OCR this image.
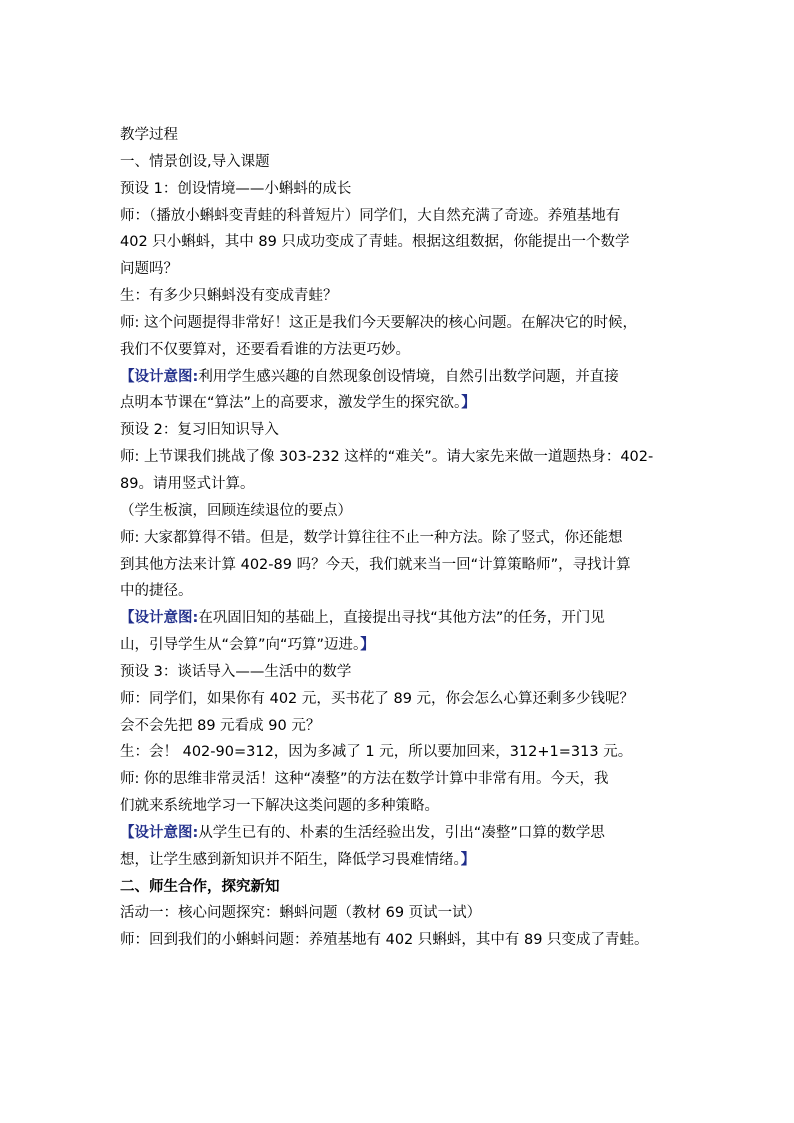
教学过程
一、情景创设,导入课题
预设 1：创设情境——小蝌蚪的成长
师：（播放小蝌蚪变青蛙的科普短片）同学们，大自然充满了奇迹。养殖基地有
402 只小蝌蚪，其中 89 只成功变成了青蛙。根据这组数据，你能提出一个数学
问题吗？
生：有多少只蝌蚪没有变成青蛙？
师: 这个问题提得非常好！这正是我们今天要解决的核心问题。在解决它的时候，
我们不仅要算对，还要看看谁的方法更巧妙。
【设计意图:利用学生感兴趣的自然现象创设情境，自然引出数学问题，并直接
点明本节课在“算法”上的高要求，激发学生的探究欲。】
预设 2：复习旧知识导入
师: 上节课我们挑战了像 303-232 这样的“难关”。请大家先来做一道题热身：402-
89。请用竖式计算。
（学生板演，回顾连续退位的要点）
师: 大家都算得不错。但是，数学计算往往不止一种方法。除了竖式，你还能想
到其他方法来计算 402-89 吗？今天，我们就来当一回“计算策略师”，寻找计算
中的捷径。
【设计意图:在巩固旧知的基础上，直接提出寻找“其他方法”的任务，开门见
山，引导学生从“会算”向“巧算”迈进。】
预设 3：谈话导入——生活中的数学
师：同学们，如果你有 402 元，买书花了 89 元，你会怎么心算还剩多少钱呢？
会不会先把 89 元看成 90 元？
生：会！ 402-90=312，因为多减了 1 元，所以要加回来，312+1=313 元。
师: 你的思维非常灵活！这种“凑整”的方法在数学计算中非常有用。今天，我
们就来系统地学习一下解决这类问题的多种策略。
【设计意图:从学生已有的、朴素的生活经验出发，引出“凑整”口算的数学思
想，让学生感到新知识并不陌生，降低学习畏难情绪。】
二、师生合作，探究新知
活动一：核心问题探究：蝌蚪问题（教材 69 页试一试）
师：回到我们的小蝌蚪问题：养殖基地有 402 只蝌蚪，其中有 89 只变成了青蛙。
